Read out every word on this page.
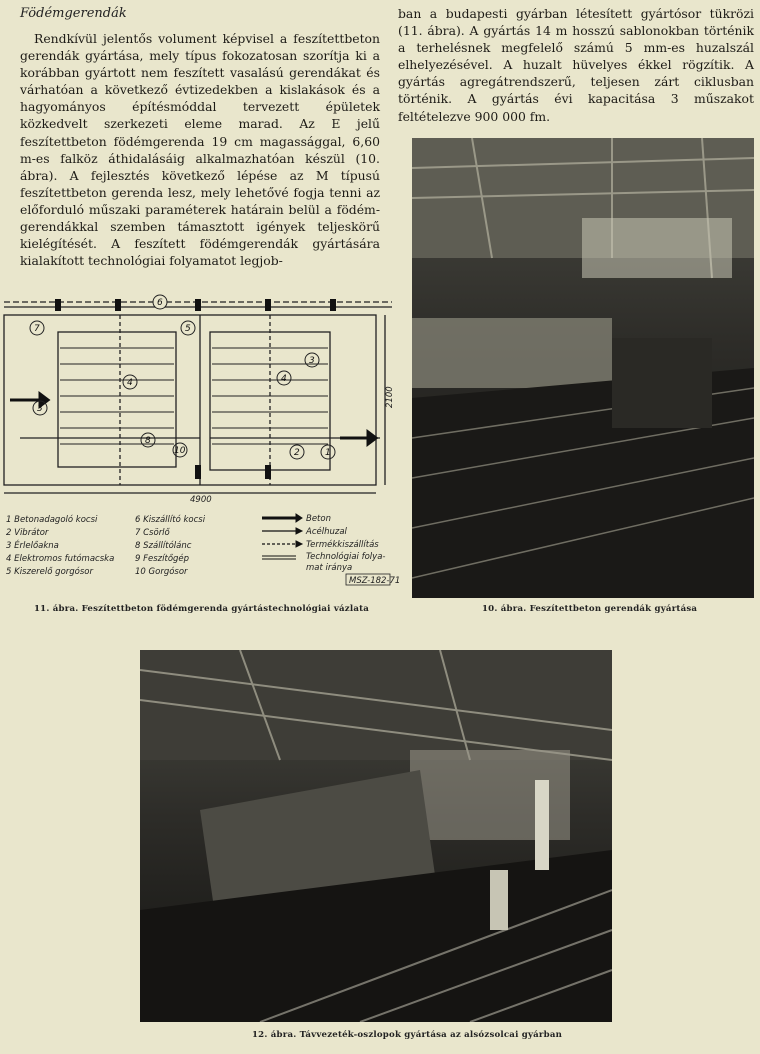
Födémgerendák

Rendkívül jelentős volument képvisel a feszítettbeton gerendák gyártása, mely típus fokozatosan szorítja ki a korábban gyártott nem feszített vasalású gerendákat és várhatóan a következő évtizedekben a kislakások és a hagyományos építésmóddal tervezett épületek közkedvelt szerkezeti eleme marad. Az E jelű feszítettbeton födémgerenda 19 cm magassággal, 6,60 m-es falköz áthidalásáig alkalmazhatóan készül (10. ábra). A fejlesztés következő lépése az M típusú feszítettbeton gerenda lesz, mely lehetővé fogja tenni az előforduló műszaki paraméterek határain belül a födémgerendákkal szemben támasztott igények teljeskörű kielégítését. A feszített födémgerendák gyártására kialakított technológiai folyamatot legjob-

ban a budapesti gyárban létesített gyártósor tükrözi (11. ábra). A gyártás 14 m hosszú sablonokban történik a terhelésnek megfelelő számú 5 mm-es huzalszál elhelyezésével. A huzalt hüvelyes ékkel rögzítik. A gyártás agregátrendszerű, teljesen zárt ciklusban történik. A gyártás évi kapacitása 3 műszakot feltételezve 900 000 fm.

7	5
6
3
3
4	4
8
10	2	1
2100
4900
1 Betonadagoló kocsi
2 Vibrátor
3 Érlelőakna
4 Elektromos futómacska
5 Kiszerelő gorgósor
6 Kiszállító kocsi
7 Csörlő
8 Szállítólánc
9 Feszítőgép
10 Gorgósor
Beton
Acélhuzal
Termékkiszállítás
Technológiai folya-
mat iránya
MSZ-182-71
11. ábra. Feszítettbeton födémgerenda gyártástechnológiai vázlata	10. ábra. Feszítettbeton gerendák gyártása
12. ábra. Távvezeték-oszlopok gyártása az alsózsolcai gyárban
